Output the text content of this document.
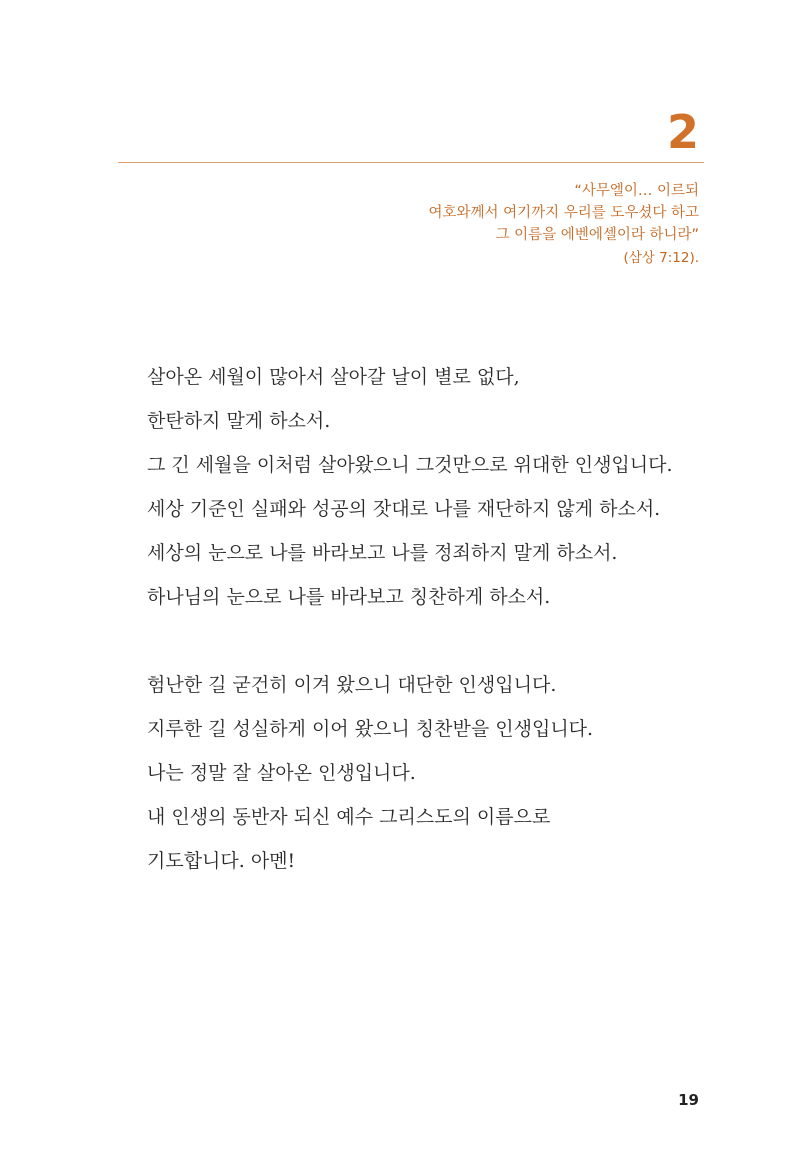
2
“사무엘이… 이르되
여호와께서 여기까지 우리를 도우셨다 하고
그 이름을 에벤에셀이라 하니라”
(삼상 7:12).
살아온 세월이 많아서 살아갈 날이 별로 없다,
한탄하지 말게 하소서.
그 긴 세월을 이처럼 살아왔으니 그것만으로 위대한 인생입니다.
세상 기준인 실패와 성공의 잣대로 나를 재단하지 않게 하소서.
세상의 눈으로 나를 바라보고 나를 정죄하지 말게 하소서.
하나님의 눈으로 나를 바라보고 칭찬하게 하소서.
험난한 길 굳건히 이겨 왔으니 대단한 인생입니다.
지루한 길 성실하게 이어 왔으니 칭찬받을 인생입니다.
나는 정말 잘 살아온 인생입니다.
내 인생의 동반자 되신 예수 그리스도의 이름으로
기도합니다. 아멘!
19
